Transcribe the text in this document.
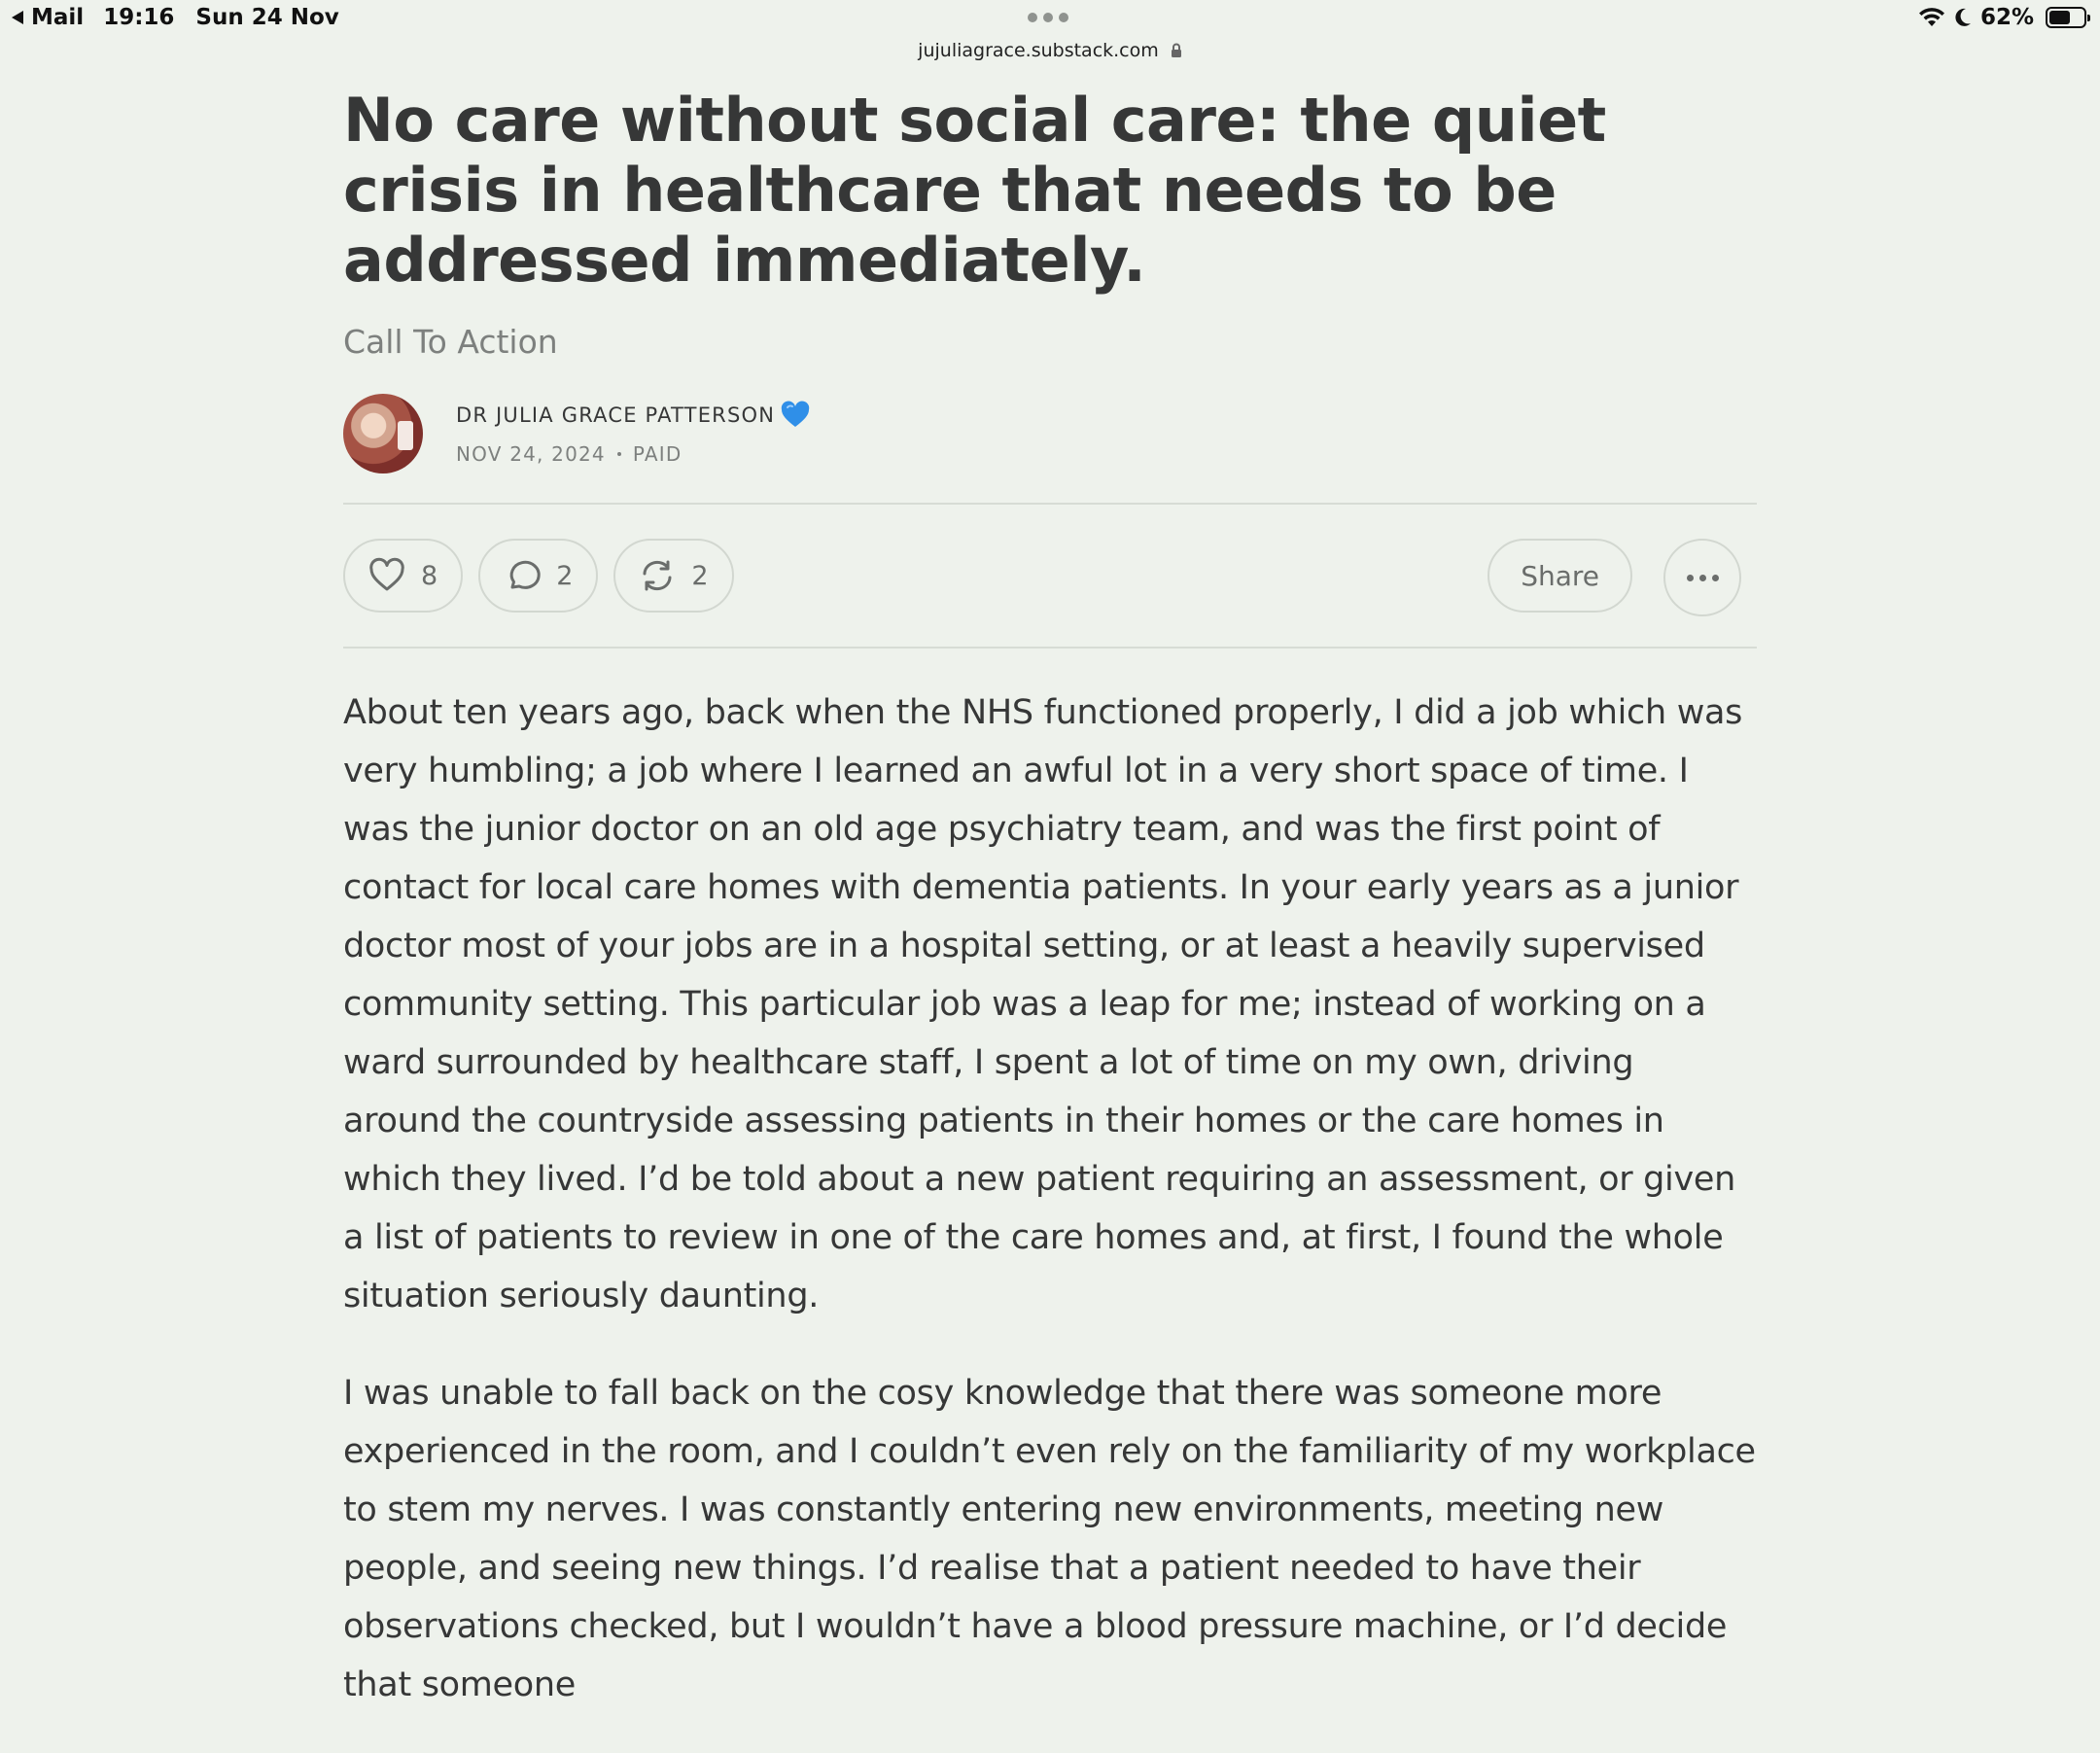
Mail 19:16 Sun 24 Nov	62%
jujuliagrace.substack.com
No care without social care: the quiet crisis in healthcare that needs to be addressed immediately.
Call To Action
DR JULIA GRACE PATTERSON
NOV 24, 2024 PAID
8	2	2	Share

About ten years ago, back when the NHS functioned properly, I did a job which was very humbling; a job where I learned an awful lot in a very short space of time. I was the junior doctor on an old age psychiatry team, and was the first point of contact for local care homes with dementia patients. In your early years as a junior doctor most of your jobs are in a hospital setting, or at least a heavily supervised community setting. This particular job was a leap for me; instead of working on a ward surrounded by healthcare staff, I spent a lot of time on my own, driving around the countryside assessing patients in their homes or the care homes in which they lived. I’d be told about a new patient requiring an assessment, or given a list of patients to review in one of the care homes and, at first, I found the whole situation seriously daunting.

I was unable to fall back on the cosy knowledge that there was someone more experienced in the room, and I couldn’t even rely on the familiarity of my workplace to stem my nerves. I was constantly entering new environments, meeting new people, and seeing new things. I’d realise that a patient needed to have their observations checked, but I wouldn’t have a blood pressure machine, or I’d decide that someone
